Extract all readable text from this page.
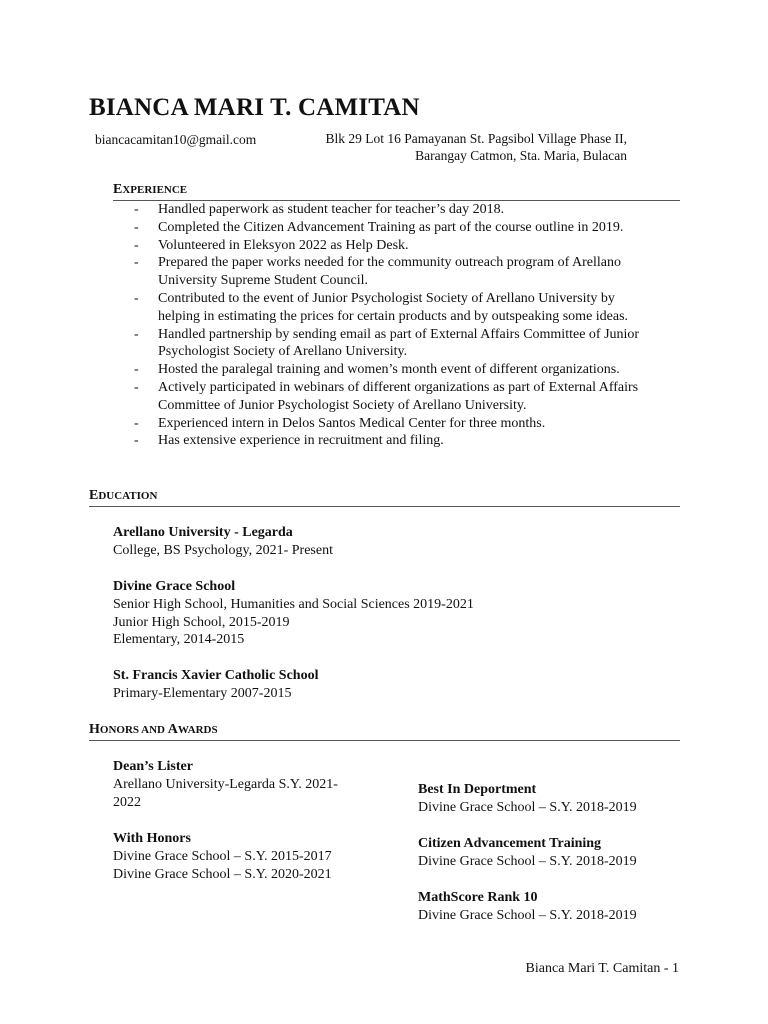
BIANCA MARI T. CAMITAN
biancacamitan10@gmail.com	Blk 29 Lot 16 Pamayanan St. Pagsibol Village Phase II,
Barangay Catmon, Sta. Maria, Bulacan
EXPERIENCE
- Handled paperwork as student teacher for teacher’s day 2018.
- Completed the Citizen Advancement Training as part of the course outline in 2019.
- Volunteered in Eleksyon 2022 as Help Desk.
- Prepared the paper works needed for the community outreach program of Arellano University Supreme Student Council.
- Contributed to the event of Junior Psychologist Society of Arellano University by helping in estimating the prices for certain products and by outspeaking some ideas.
- Handled partnership by sending email as part of External Affairs Committee of Junior Psychologist Society of Arellano University.
- Hosted the paralegal training and women’s month event of different organizations.
- Actively participated in webinars of different organizations as part of External Affairs Committee of Junior Psychologist Society of Arellano University.
- Experienced intern in Delos Santos Medical Center for three months.
- Has extensive experience in recruitment and filing.
EDUCATION
Arellano University - Legarda
College, BS Psychology, 2021- Present
Divine Grace School
Senior High School, Humanities and Social Sciences 2019-2021
Junior High School, 2015-2019
Elementary, 2014-2015
St. Francis Xavier Catholic School
Primary-Elementary 2007-2015
HONORS AND AWARDS
Dean’s Lister
Arellano University-Legarda S.Y. 2021-
2022
With Honors
Divine Grace School – S.Y. 2015-2017
Divine Grace School – S.Y. 2020-2021
Best In Deportment
Divine Grace School – S.Y. 2018-2019
Citizen Advancement Training
Divine Grace School – S.Y. 2018-2019
MathScore Rank 10
Divine Grace School – S.Y. 2018-2019
Bianca Mari T. Camitan - 1
